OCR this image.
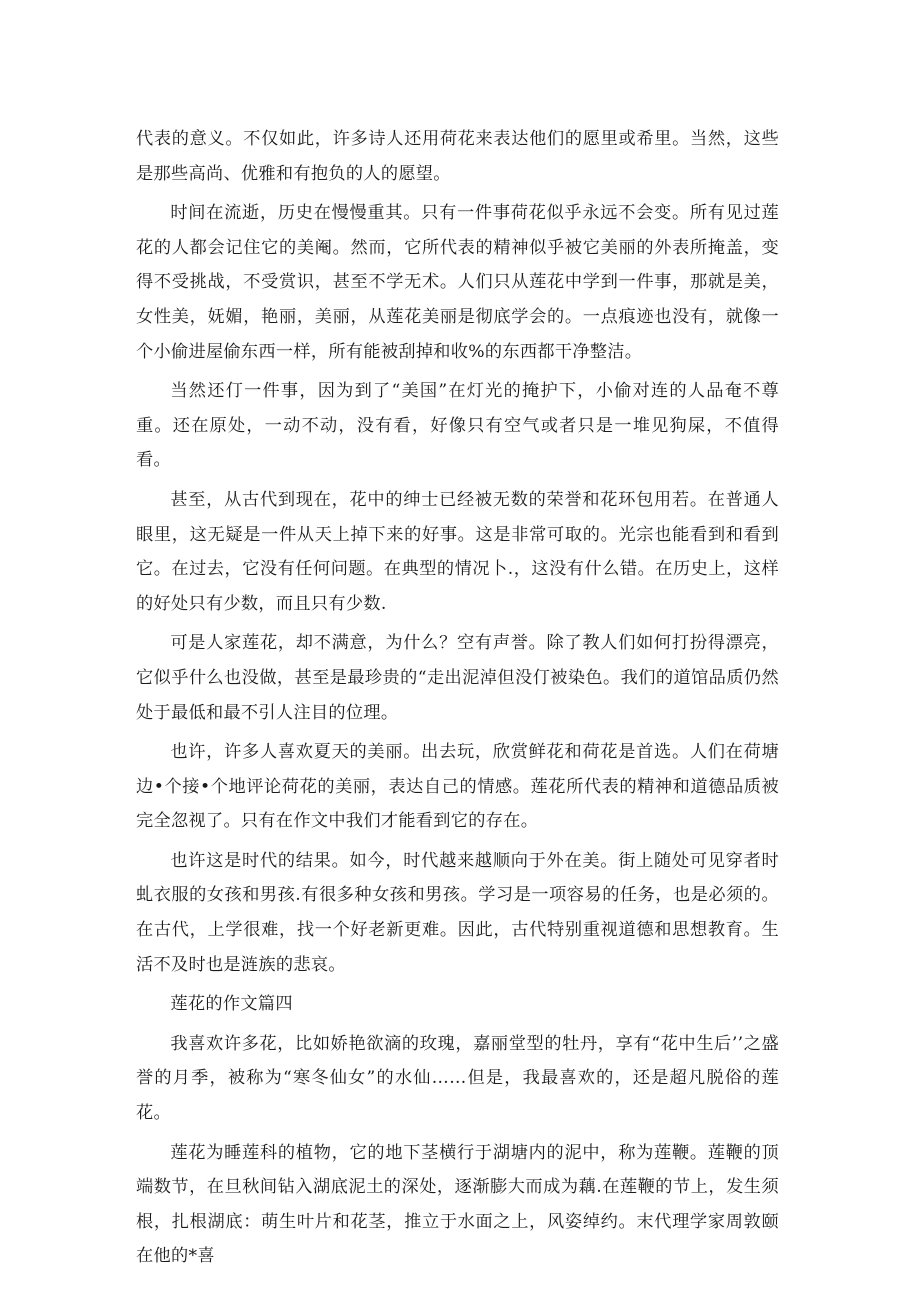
代表的意义。不仅如此，许多诗人还用荷花来表达他们的愿里或希里。当然，这些是那些高尚、优雅和有抱负的人的愿望。

时间在流逝，历史在慢慢重其。只有一件事荷花似乎永远不会变。所有见过莲花的人都会记住它的美阉。然而，它所代表的精神似乎被它美丽的外表所掩盖，变得不受挑战，不受赏识，甚至不学无术。人们只从莲花中学到一件事，那就是美，女性美，妩媚，艳丽，美丽，从莲花美丽是彻底学会的。一点痕迹也没有，就像一个小偷进屋偷东西一样，所有能被刮掉和收%的东西都干净整洁。

当然还仃一件事，因为到了“美国”在灯光的掩护下，小偷对连的人品奄不尊重。还在原处，一动不动，没有看，好像只有空气或者只是一堆见狗屎，不值得看。

甚至，从古代到现在，花中的绅士已经被无数的荣誉和花环包用若。在普通人眼里，这无疑是一件从天上掉下来的好事。这是非常可取的。光宗也能看到和看到它。在过去，它没有任何问题。在典型的情况卜.，这没有什么错。在历史上，这样的好处只有少数，而且只有少数.

可是人家莲花，却不满意，为什么？空有声誉。除了教人们如何打扮得漂亮，它似乎什么也没做，甚至是最珍贵的“走出泥淖但没仃被染色。我们的道馆品质仍然处于最低和最不引人注目的位理。

也许，许多人喜欢夏天的美丽。出去玩，欣赏鲜花和荷花是首选。人们在荷塘边•个接•个地评论荷花的美丽，表达自己的情感。莲花所代表的精神和道德品质被完全忽视了。只有在作文中我们才能看到它的存在。

也许这是时代的结果。如今，时代越来越顺向于外在美。街上随处可见穿者时虬衣服的女孩和男孩.有很多种女孩和男孩。学习是一项容易的任务，也是必须的。在古代，上学很难，找一个好老新更难。因此，古代特别重视道德和思想教育。生活不及时也是涟族的悲哀。

莲花的作文篇四

我喜欢许多花，比如娇艳欲滴的玫瑰，嘉丽堂型的牡丹，享有“花中生后’’之盛誉的月季，被称为“寒冬仙女”的水仙……但是，我最喜欢的，还是超凡脱俗的莲花。

莲花为睡莲科的植物，它的地下茎横行于湖塘内的泥中，称为莲鞭。莲鞭的顶端数节，在旦秋间钻入湖底泥土的深处，逐渐膨大而成为藕.在莲鞭的节上，发生须根，扎根湖底：萌生叶片和花茎，推立于水面之上，风姿绰约。末代理学家周敦颐在他的*喜
